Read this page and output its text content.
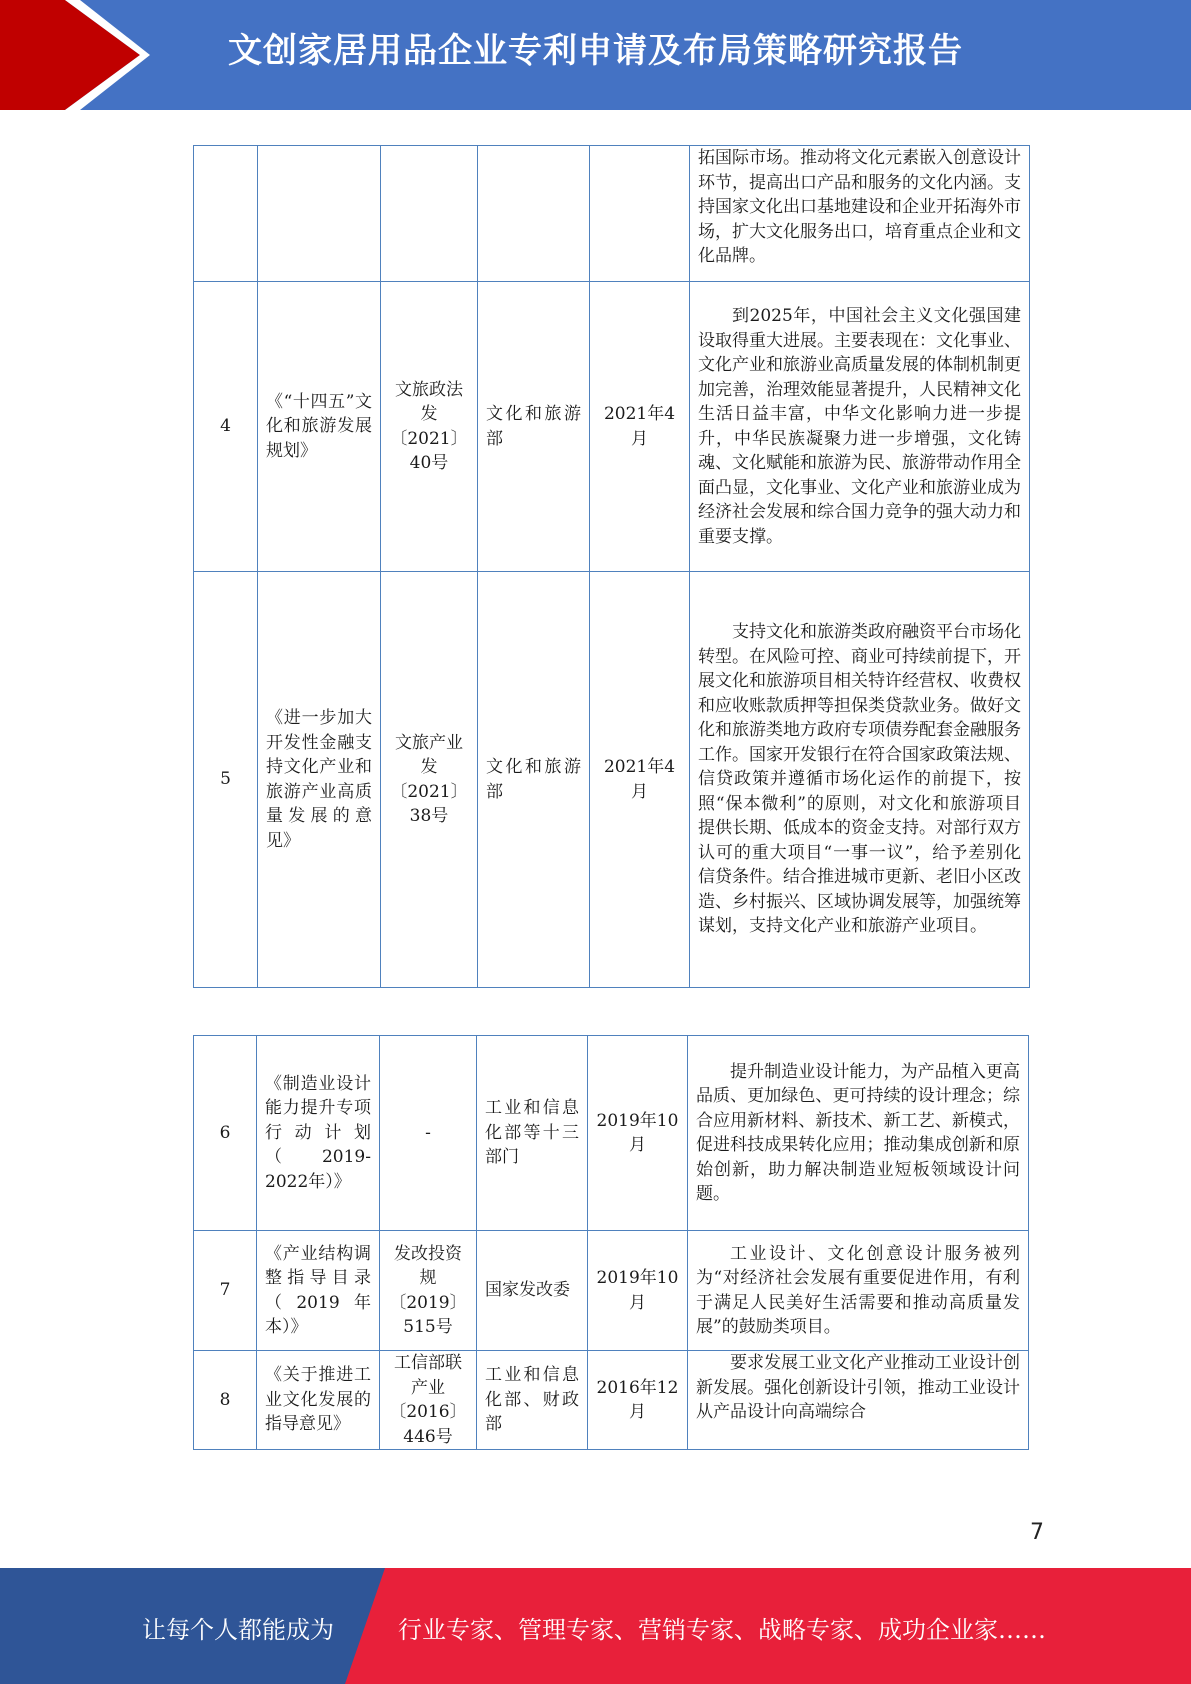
文创家居用品企业专利申请及布局策略研究报告

					拓国际市场。推动将文化元素嵌入创意设计环节，提高出口产品和服务的文化内涵。支持国家文化出口基地建设和企业开拓海外市场，扩大文化服务出口，培育重点企业和文化品牌。

4	《“十四五”文化和旅游发展规划》	文旅政法发〔2021〕40号	文化和旅游部	2021年4月	到2025年，中国社会主义文化强国建设取得重大进展。主要表现在：文化事业、文化产业和旅游业高质量发展的体制机制更加完善，治理效能显著提升，人民精神文化生活日益丰富，中华文化影响力进一步提升，中华民族凝聚力进一步增强，文化铸魂、文化赋能和旅游为民、旅游带动作用全面凸显，文化事业、文化产业和旅游业成为经济社会发展和综合国力竞争的强大动力和重要支撑。

5	《进一步加大开发性金融支持文化产业和旅游产业高质量发展的意见》	文旅产业发〔2021〕38号	文化和旅游部	2021年4月	支持文化和旅游类政府融资平台市场化转型。在风险可控、商业可持续前提下，开展文化和旅游项目相关特许经营权、收费权和应收账款质押等担保类贷款业务。做好文化和旅游类地方政府专项债券配套金融服务工作。国家开发银行在符合国家政策法规、信贷政策并遵循市场化运作的前提下，按照“保本微利”的原则，对文化和旅游项目提供长期、低成本的资金支持。对部行双方认可的重大项目“一事一议”，给予差别化信贷条件。结合推进城市更新、老旧小区改造、乡村振兴、区域协调发展等，加强统筹谋划，支持文化产业和旅游产业项目。
6	《制造业设计能力提升专项行动计划（2019-2022年）》	-	工业和信息化部等十三部门	2019年10月	提升制造业设计能力，为产品植入更高品质、更加绿色、更可持续的设计理念；综合应用新材料、新技术、新工艺、新模式，促进科技成果转化应用；推动集成创新和原始创新，助力解决制造业短板领域设计问题。

7	《产业结构调整指导目录（2019年本）》	发改投资规〔2019〕515号	国家发改委	2019年10月	工业设计、文化创意设计服务被列为“对经济社会发展有重要促进作用，有利于满足人民美好生活需要和推动高质量发展”的鼓励类项目。

8	《关于推进工业文化发展的指导意见》	工信部联产业〔2016〕446号	工业和信息化部、财政部	2016年12月	要求发展工业文化产业推动工业设计创新发展。强化创新设计引领，推动工业设计从产品设计向高端综合
7
让每个人都能成为	行业专家、管理专家、营销专家、战略专家、成功企业家……
